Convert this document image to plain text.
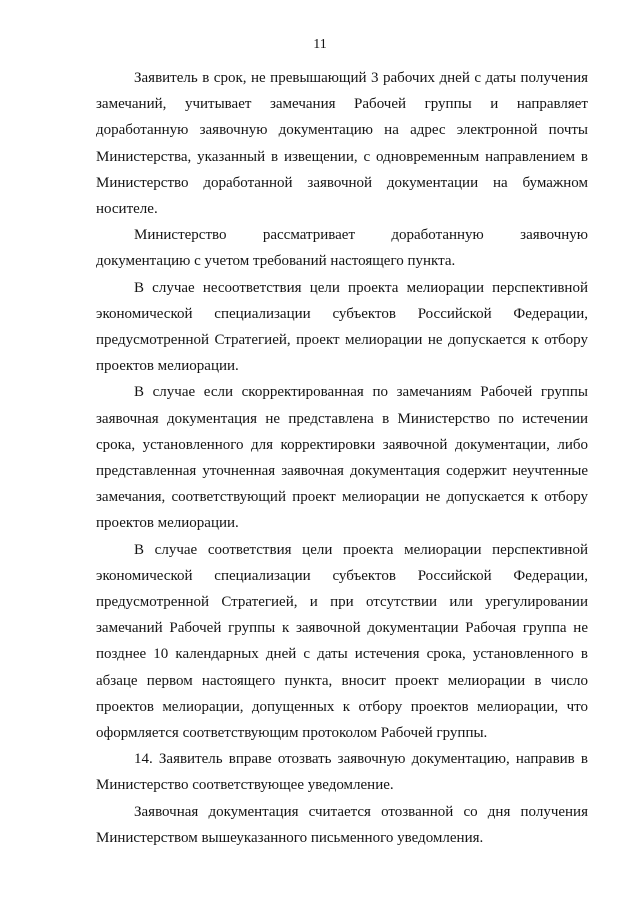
11

Заявитель в срок, не превышающий 3 рабочих дней с даты получения замечаний, учитывает замечания Рабочей группы и направляет доработанную заявочную документацию на адрес электронной почты Министерства, указанный в извещении, с одновременным направлением в Министерство доработанной заявочной документации на бумажном носителе.

Министерство рассматривает доработанную заявочную документацию с учетом требований настоящего пункта.

В случае несоответствия цели проекта мелиорации перспективной экономической специализации субъектов Российской Федерации, предусмотренной Стратегией, проект мелиорации не допускается к отбору проектов мелиорации.

В случае если скорректированная по замечаниям Рабочей группы заявочная документация не представлена в Министерство по истечении срока, установленного для корректировки заявочной документации, либо представленная уточненная заявочная документация содержит неучтенные замечания, соответствующий проект мелиорации не допускается к отбору проектов мелиорации.

В случае соответствия цели проекта мелиорации перспективной экономической специализации субъектов Российской Федерации, предусмотренной Стратегией, и при отсутствии или урегулировании замечаний Рабочей группы к заявочной документации Рабочая группа не позднее 10 календарных дней с даты истечения срока, установленного в абзаце первом настоящего пункта, вносит проект мелиорации в число проектов мелиорации, допущенных к отбору проектов мелиорации, что оформляется соответствующим протоколом Рабочей группы.

14. Заявитель вправе отозвать заявочную документацию, направив в Министерство соответствующее уведомление.

Заявочная документация считается отозванной со дня получения Министерством вышеуказанного письменного уведомления.
